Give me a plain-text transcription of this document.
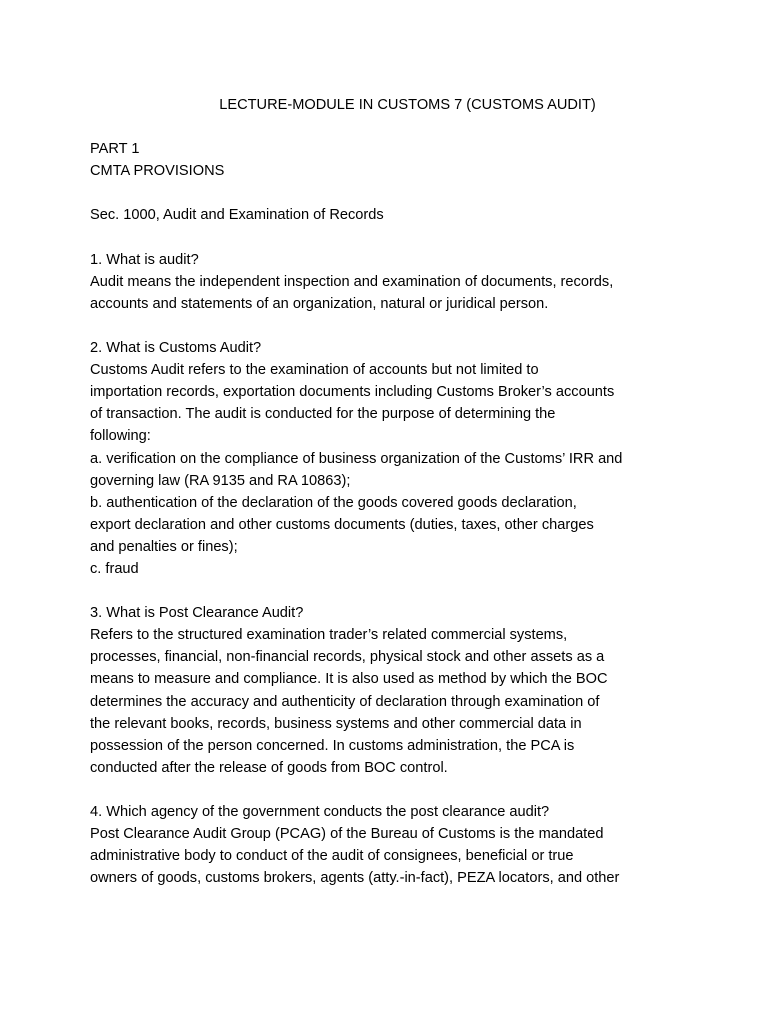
LECTURE-MODULE IN CUSTOMS 7 (CUSTOMS AUDIT)

PART 1

CMTA PROVISIONS

Sec. 1000, Audit and Examination of Records

1. What is audit?

Audit means the independent inspection and examination of documents, records,

accounts and statements of an organization, natural or juridical person.

2. What is Customs Audit?

Customs Audit refers to the examination of accounts but not limited to

importation records, exportation documents including Customs Broker’s accounts

of transaction. The audit is conducted for the purpose of determining the

following:

a. verification on the compliance of business organization of the Customs’ IRR and

governing law (RA 9135 and RA 10863);

b. authentication of the declaration of the goods covered goods declaration,

export declaration and other customs documents (duties, taxes, other charges

and penalties or fines);

c. fraud

3. What is Post Clearance Audit?

Refers to the structured examination trader’s related commercial systems,

processes, financial, non-financial records, physical stock and other assets as a

means to measure and compliance. It is also used as method by which the BOC

determines the accuracy and authenticity of declaration through examination of

the relevant books, records, business systems and other commercial data in

possession of the person concerned. In customs administration, the PCA is

conducted after the release of goods from BOC control.

4. Which agency of the government conducts the post clearance audit?

Post Clearance Audit Group (PCAG) of the Bureau of Customs is the mandated

administrative body to conduct of the audit of consignees, beneficial or true

owners of goods, customs brokers, agents (atty.-in-fact), PEZA locators, and other
